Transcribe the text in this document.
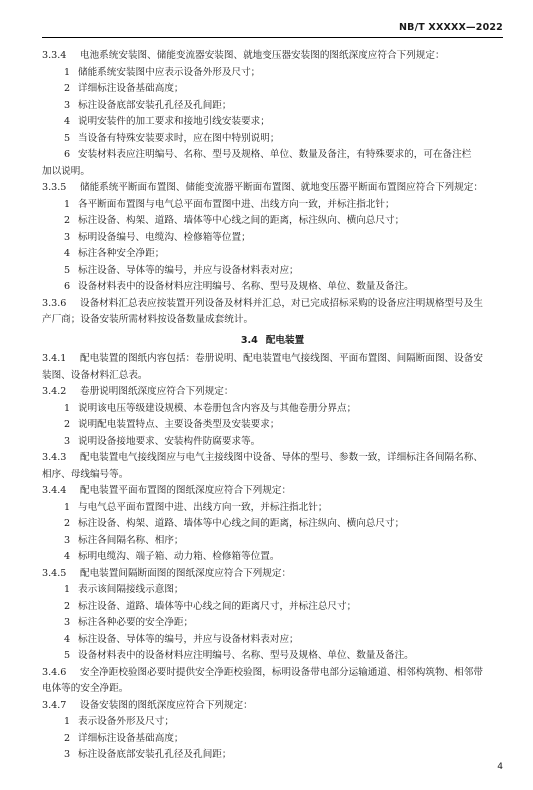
NB/T XXXXX—2022
3.3.4 电池系统安装图、储能变流器安装图、就地变压器安装图的图纸深度应符合下列规定：
1 储能系统安装图中应表示设备外形及尺寸；
2 详细标注设备基础高度；
3 标注设备底部安装孔孔径及孔间距；
4 说明安装件的加工要求和接地引线安装要求；
5 当设备有特殊安装要求时，应在图中特别说明；
6 安装材料表应注明编号、名称、型号及规格、单位、数量及备注，有特殊要求的，可在备注栏
加以说明。
3.3.5 储能系统平断面布置图、储能变流器平断面布置图、就地变压器平断面布置图应符合下列规定：
1 各平断面布置图与电气总平面布置图中进、出线方向一致，并标注指北针；
2 标注设备、构架、道路、墙体等中心线之间的距离，标注纵向、横向总尺寸；
3 标明设备编号、电缆沟、检修箱等位置；
4 标注各种安全净距；
5 标注设备、导体等的编号，并应与设备材料表对应；
6 设备材料表中的设备材料应注明编号、名称、型号及规格、单位、数量及备注。
3.3.6 设备材料汇总表应按装置开列设备及材料并汇总，对已完成招标采购的设备应注明规格型号及生
产厂商；设备安装所需材料按设备数量成套统计。
3.4 配电装置
3.4.1 配电装置的图纸内容包括：卷册说明、配电装置电气接线图、平面布置图、间隔断面图、设备安
装图、设备材料汇总表。
3.4.2 卷册说明图纸深度应符合下列规定：
1 说明该电压等级建设规模、本卷册包含内容及与其他卷册分界点；
2 说明配电装置特点、主要设备类型及安装要求；
3 说明设备接地要求、安装构件防腐要求等。
3.4.3 配电装置电气接线图应与电气主接线图中设备、导体的型号、参数一致，详细标注各间隔名称、
相序、母线编号等。
3.4.4 配电装置平面布置图的图纸深度应符合下列规定：
1 与电气总平面布置图中进、出线方向一致，并标注指北针；
2 标注设备、构架、道路、墙体等中心线之间的距离，标注纵向、横向总尺寸；
3 标注各间隔名称、相序；
4 标明电缆沟、端子箱、动力箱、检修箱等位置。
3.4.5 配电装置间隔断面图的图纸深度应符合下列规定：
1 表示该间隔接线示意图；
2 标注设备、道路、墙体等中心线之间的距离尺寸，并标注总尺寸；
3 标注各种必要的安全净距；
4 标注设备、导体等的编号，并应与设备材料表对应；
5 设备材料表中的设备材料应注明编号、名称、型号及规格、单位、数量及备注。
3.4.6 安全净距校验图必要时提供安全净距校验图，标明设备带电部分运输通道、相邻构筑物、相邻带
电体等的安全净距。
3.4.7 设备安装图的图纸深度应符合下列规定：
1 表示设备外形及尺寸；
2 详细标注设备基础高度；
3 标注设备底部安装孔孔径及孔间距；
4
